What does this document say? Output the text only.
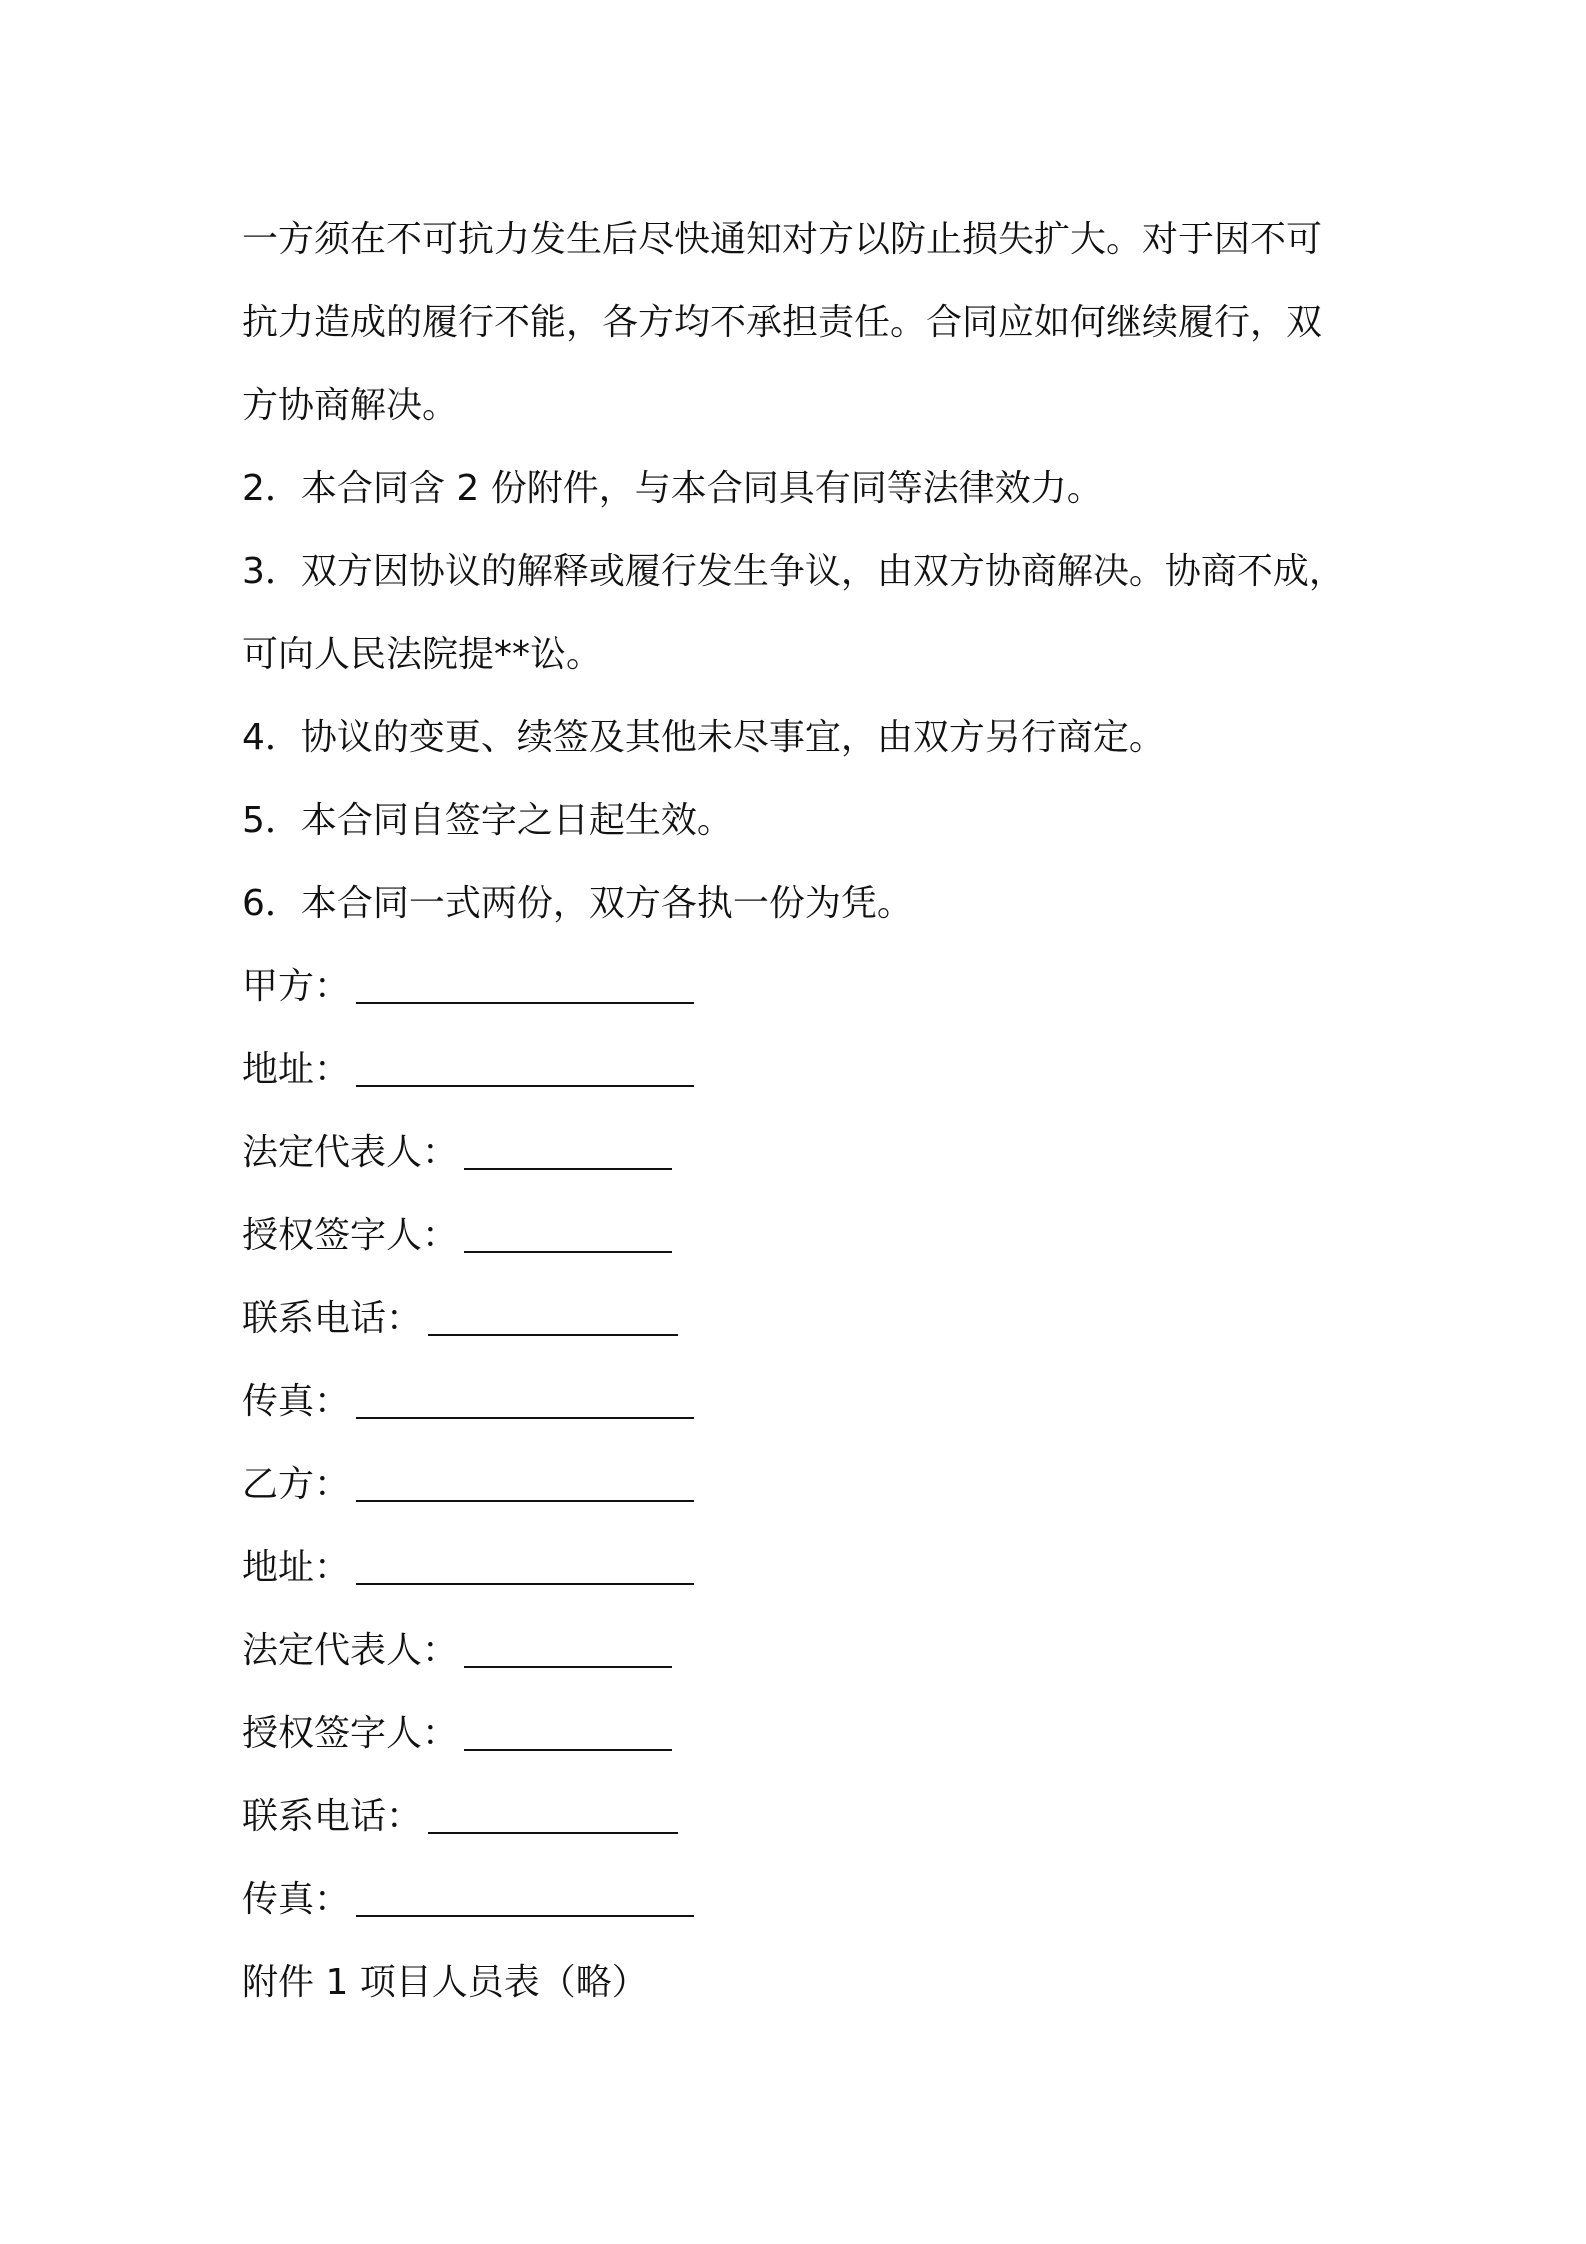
一方须在不可抗力发生后尽快通知对方以防止损失扩大。对于因不可
抗力造成的履行不能，各方均不承担责任。合同应如何继续履行，双
方协商解决。
2．本合同含 2 份附件，与本合同具有同等法律效力。
3．双方因协议的解释或履行发生争议，由双方协商解决。协商不成，
可向人民法院提**讼。
4．协议的变更、续签及其他未尽事宜，由双方另行商定。
5．本合同自签字之日起生效。
6．本合同一式两份，双方各执一份为凭。
甲方：
地址：
法定代表人：
授权签字人：
联系电话：
传真：
乙方：
地址：
法定代表人：
授权签字人：
联系电话：
传真：
附件 1 项目人员表（略）
